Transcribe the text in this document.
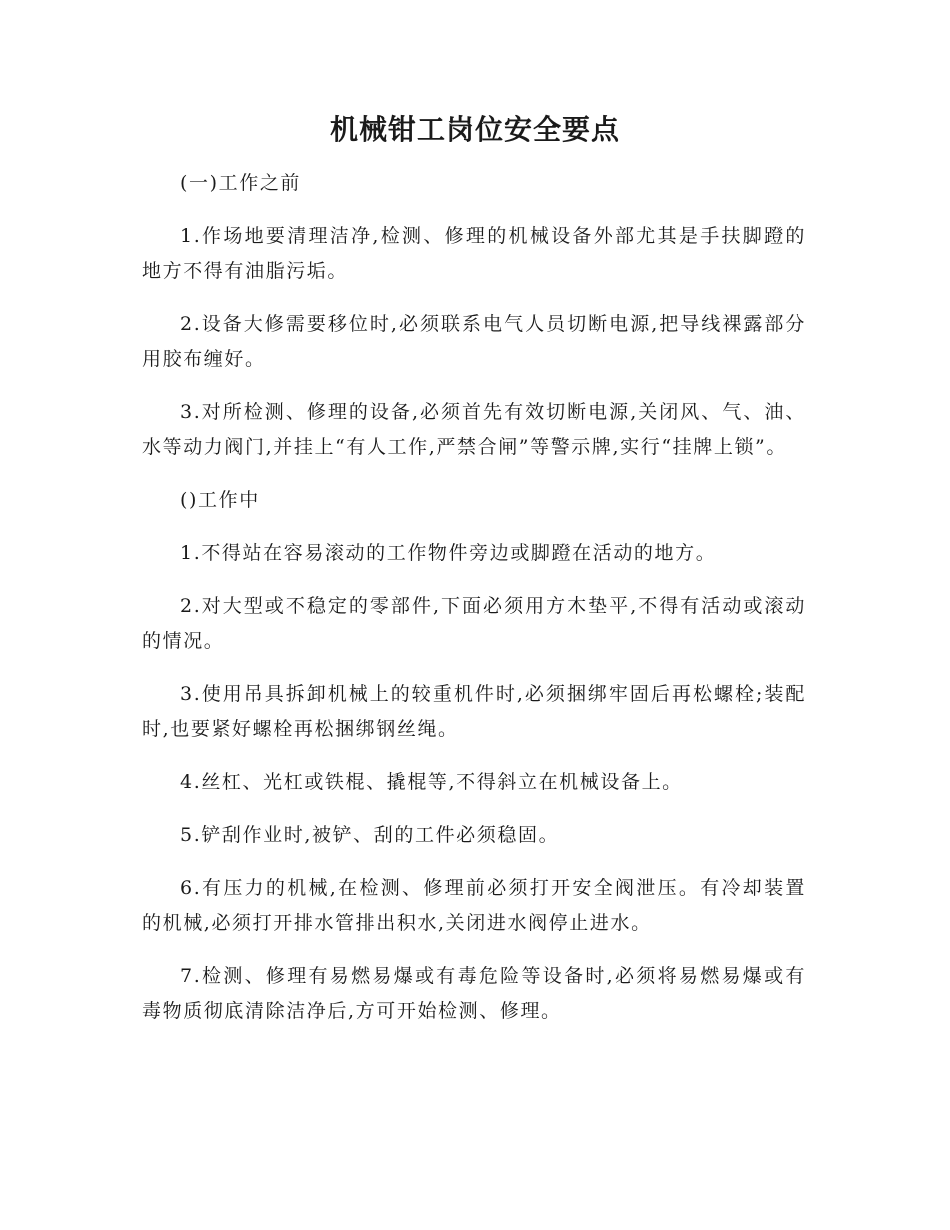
机械钳工岗位安全要点

(一)工作之前

1.作场地要清理洁净,检测、修理的机械设备外部尤其是手扶脚蹬的地方不得有油脂污垢。

2.设备大修需要移位时,必须联系电气人员切断电源,把导线裸露部分用胶布缠好。

3.对所检测、修理的设备,必须首先有效切断电源,关闭风、气、油、水等动力阀门,并挂上“有人工作,严禁合闸”等警示牌,实行“挂牌上锁”。

()工作中

1.不得站在容易滚动的工作物件旁边或脚蹬在活动的地方。

2.对大型或不稳定的零部件,下面必须用方木垫平,不得有活动或滚动的情况。

3.使用吊具拆卸机械上的较重机件时,必须捆绑牢固后再松螺栓;装配时,也要紧好螺栓再松捆绑钢丝绳。

4.丝杠、光杠或铁棍、撬棍等,不得斜立在机械设备上。

5.铲刮作业时,被铲、刮的工件必须稳固。

6.有压力的机械,在检测、修理前必须打开安全阀泄压。有冷却装置的机械,必须打开排水管排出积水,关闭进水阀停止进水。

7.检测、修理有易燃易爆或有毒危险等设备时,必须将易燃易爆或有毒物质彻底清除洁净后,方可开始检测、修理。
